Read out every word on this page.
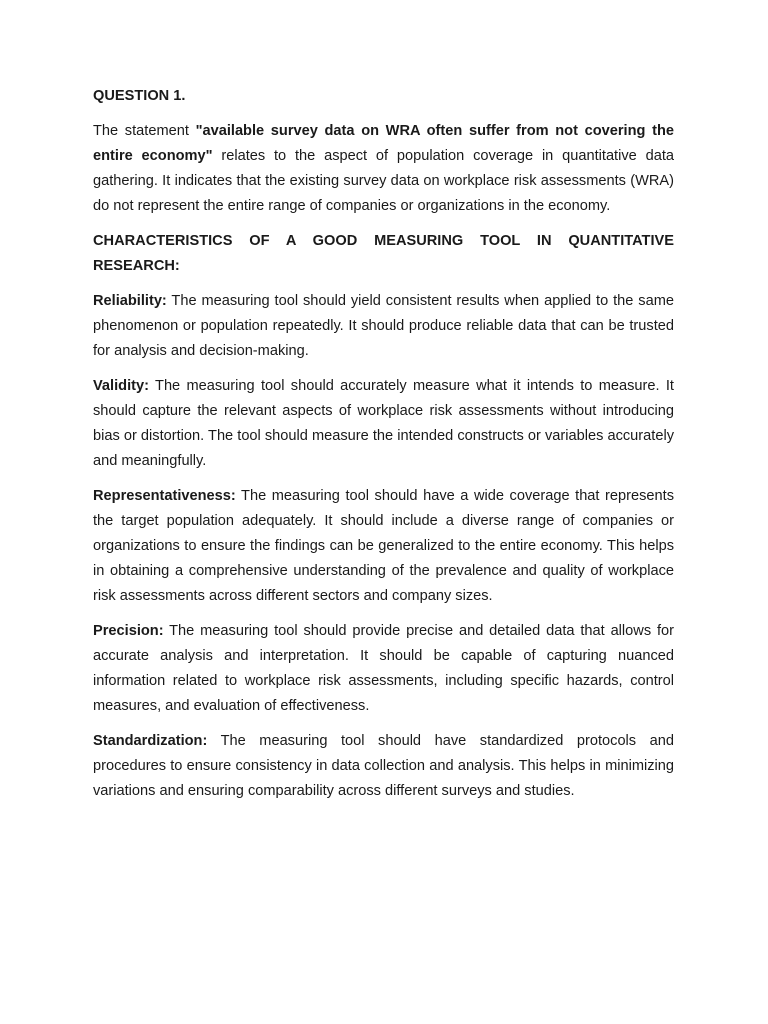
QUESTION 1.

The statement "available survey data on WRA often suffer from not covering the entire economy" relates to the aspect of population coverage in quantitative data gathering. It indicates that the existing survey data on workplace risk assessments (WRA) do not represent the entire range of companies or organizations in the economy.

CHARACTERISTICS OF A GOOD MEASURING TOOL IN QUANTITATIVE RESEARCH:

Reliability: The measuring tool should yield consistent results when applied to the same phenomenon or population repeatedly. It should produce reliable data that can be trusted for analysis and decision-making.

Validity: The measuring tool should accurately measure what it intends to measure. It should capture the relevant aspects of workplace risk assessments without introducing bias or distortion. The tool should measure the intended constructs or variables accurately and meaningfully.

Representativeness: The measuring tool should have a wide coverage that represents the target population adequately. It should include a diverse range of companies or organizations to ensure the findings can be generalized to the entire economy. This helps in obtaining a comprehensive understanding of the prevalence and quality of workplace risk assessments across different sectors and company sizes.

Precision: The measuring tool should provide precise and detailed data that allows for accurate analysis and interpretation. It should be capable of capturing nuanced information related to workplace risk assessments, including specific hazards, control measures, and evaluation of effectiveness.

Standardization: The measuring tool should have standardized protocols and procedures to ensure consistency in data collection and analysis. This helps in minimizing variations and ensuring comparability across different surveys and studies.
